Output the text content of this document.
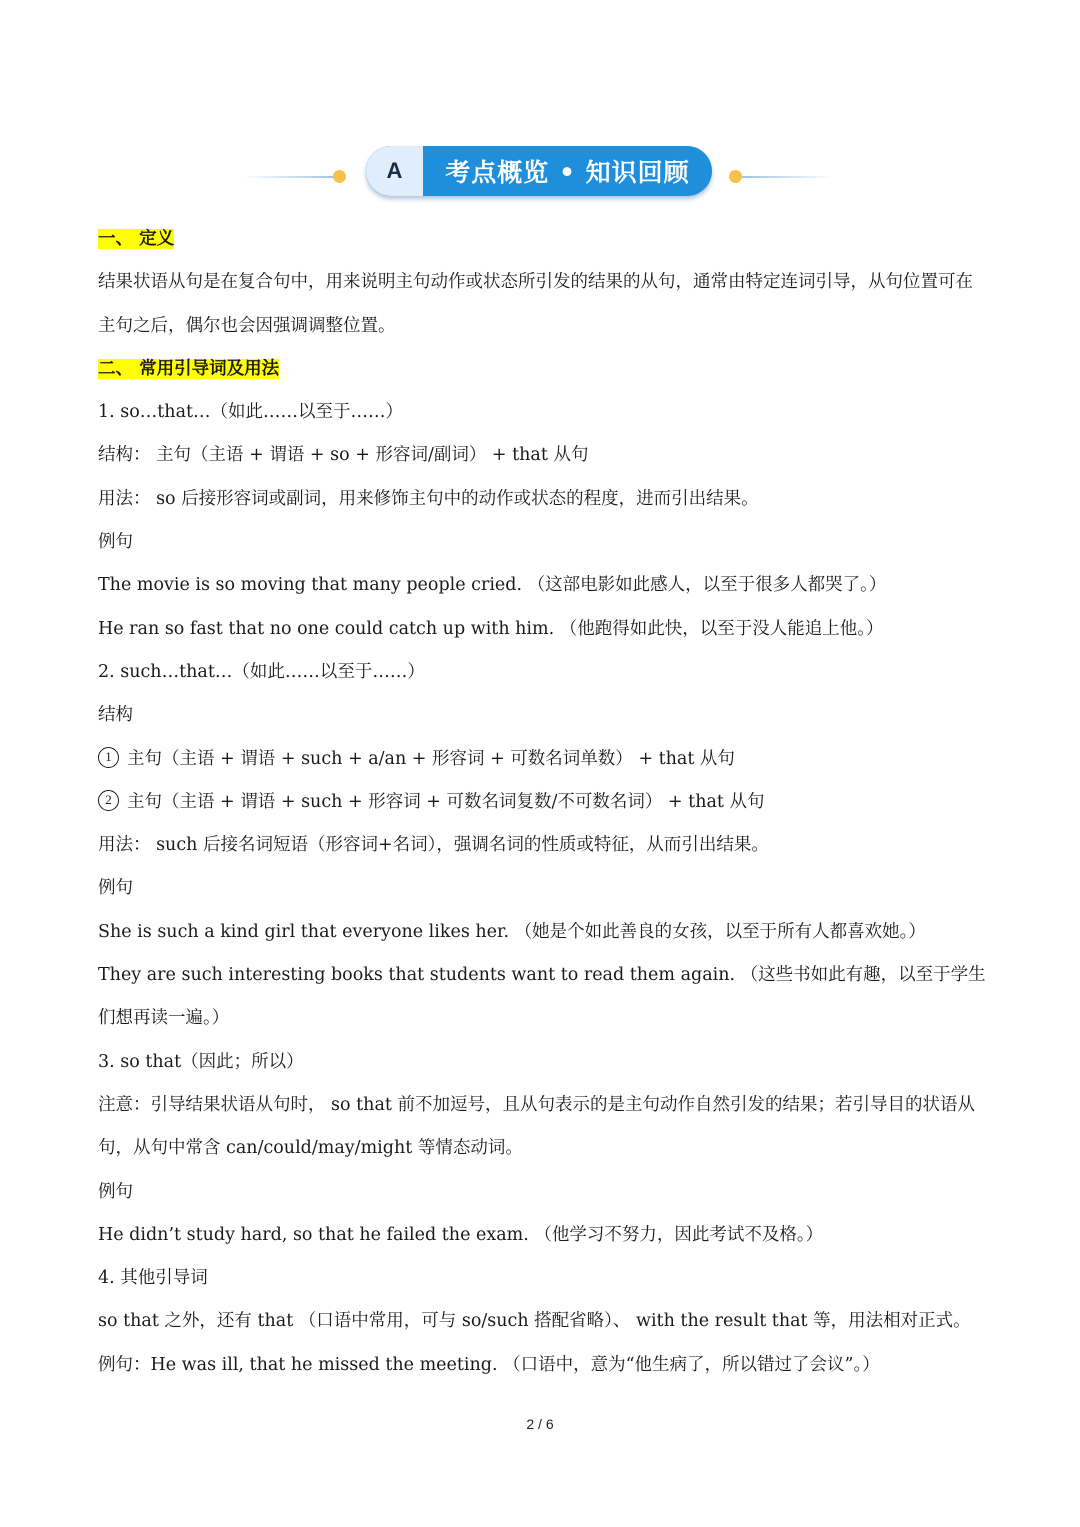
A	考点概览 • 知识回顾
一、 定义
结果状语从句是在复合句中，用来说明主句动作或状态所引发的结果的从句，通常由特定连词引导，从句位置可在主句之后，偶尔也会因强调调整位置。
二、 常用引导词及用法
1. so…that…（如此……以至于……）
结构： 主句（主语 + 谓语 + so + 形容词/副词） + that 从句
用法： so 后接形容词或副词，用来修饰主句中的动作或状态的程度，进而引出结果。
例句
The movie is so moving that many people cried. （这部电影如此感人，以至于很多人都哭了。）
He ran so fast that no one could catch up with him. （他跑得如此快，以至于没人能追上他。）
2. such…that…（如此……以至于……）
结构
1 主句（主语 + 谓语 + such + a/an + 形容词 + 可数名词单数） + that 从句
2 主句（主语 + 谓语 + such + 形容词 + 可数名词复数/不可数名词） + that 从句
用法： such 后接名词短语（形容词+名词），强调名词的性质或特征，从而引出结果。
例句
She is such a kind girl that everyone likes her. （她是个如此善良的女孩，以至于所有人都喜欢她。）
They are such interesting books that students want to read them again. （这些书如此有趣，以至于学生们想再读一遍。）
3. so that（因此；所以）
注意：引导结果状语从句时， so that 前不加逗号，且从句表示的是主句动作自然引发的结果；若引导目的状语从句，从句中常含 can/could/may/might 等情态动词。
例句
He didn’t study hard, so that he failed the exam. （他学习不努力，因此考试不及格。）
4. 其他引导词
so that 之外，还有 that （口语中常用，可与 so/such 搭配省略）、 with the result that 等，用法相对正式。
例句：He was ill, that he missed the meeting. （口语中，意为“他生病了，所以错过了会议”。）
2 / 6
